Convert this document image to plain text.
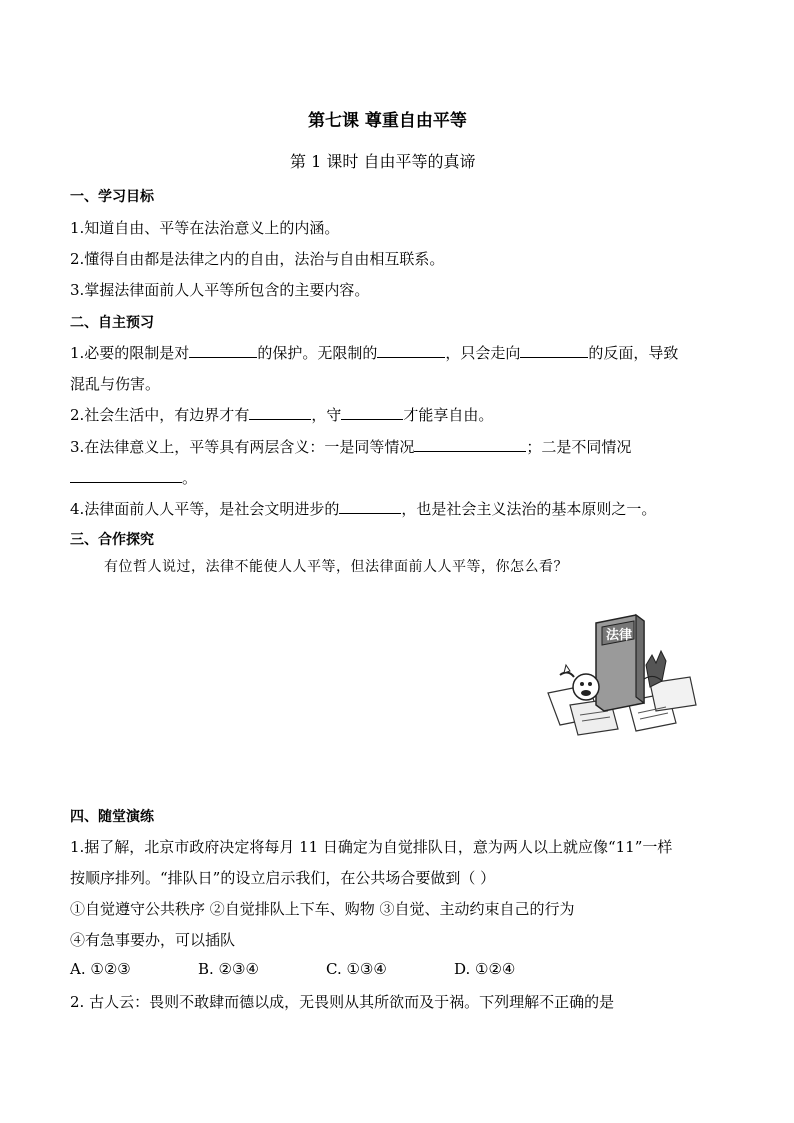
第七课 尊重自由平等
第 1 课时 自由平等的真谛
一、学习目标
1.知道自由、平等在法治意义上的内涵。
2.懂得自由都是法律之内的自由，法治与自由相互联系。
3.掌握法律面前人人平等所包含的主要内容。
二、自主预习
1.必要的限制是对	的保护。无限制的	，只会走向	的反面，导致
混乱与伤害。
2.社会生活中，有边界才有	，守	才能享自由。
3.在法律意义上，平等具有两层含义：一是同等情况	；二是不同情况
。
4.法律面前人人平等，是社会文明进步的	，也是社会主义法治的基本原则之一。
三、合作探究
有位哲人说过，法律不能使人人平等，但法律面前人人平等，你怎么看？
法律
四、随堂演练
1.据了解，北京市政府决定将每月 11 日确定为自觉排队日，意为两人以上就应像“11”一样
按顺序排列。“排队日”的设立启示我们，在公共场合要做到（ ）
①自觉遵守公共秩序 ②自觉排队上下车、购物 ③自觉、主动约束自己的行为
④有急事要办，可以插队
A. ①②③	B. ②③④	C. ①③④	D. ①②④
2. 古人云：畏则不敢肆而德以成，无畏则从其所欲而及于祸。下列理解不正确的是
